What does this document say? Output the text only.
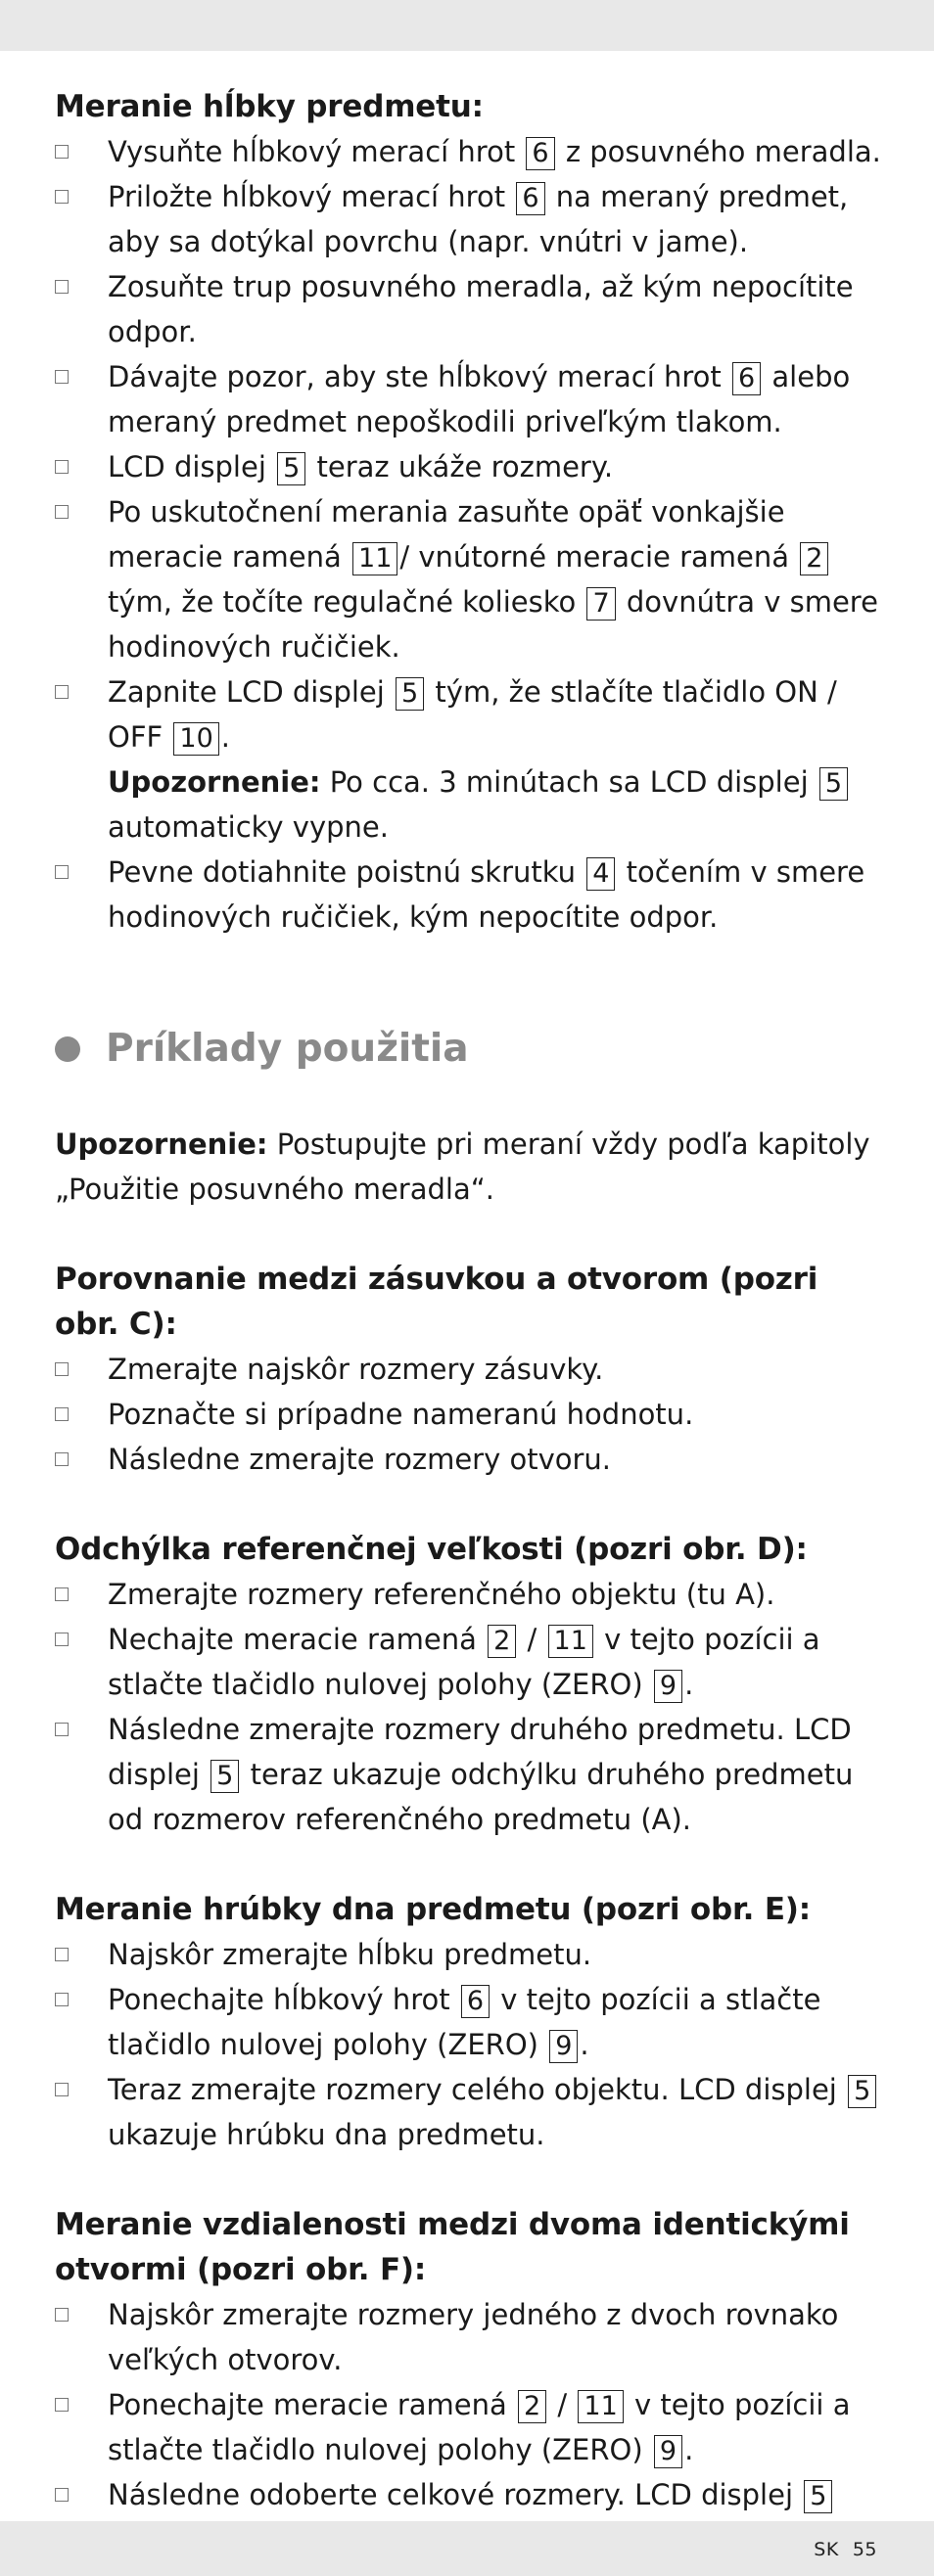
Meranie hĺbky predmetu:
Vysuňte hĺbkový merací hrot 6 z posuvného meradla.
Priložte hĺbkový merací hrot 6 na meraný predmet, aby sa dotýkal povrchu (napr. vnútri v jame).
Zosuňte trup posuvného meradla, až kým nepocítite odpor.
Dávajte pozor, aby ste hĺbkový merací hrot 6 alebo meraný predmet nepoškodili priveľkým tlakom.
LCD displej 5 teraz ukáže rozmery.
Po uskutočnení merania zasuňte opäť vonkajšie meracie ramená 11 / vnútorné meracie ramená 2 tým, že točíte regulačné koliesko 7 dovnútra v smere hodinových ručičiek.
Zapnite LCD displej 5 tým, že stlačíte tlačidlo ON / OFF 10 .
Upozornenie: Po cca. 3 minútach sa LCD displej 5 automaticky vypne.
Pevne dotiahnite poistnú skrutku 4 točením v smere hodinových ručičiek, kým nepocítite odpor.
Príklady použitia

Upozornenie: Postupujte pri meraní vždy podľa kapitoly „Použitie posuvného meradla“.

Porovnanie medzi zásuvkou a otvorom (pozri obr. C):
Zmerajte najskôr rozmery zásuvky.
Poznačte si prípadne nameranú hodnotu.
Následne zmerajte rozmery otvoru.
Odchýlka referenčnej veľkosti (pozri obr. D):
Zmerajte rozmery referenčného objektu (tu A).
Nechajte meracie ramená 2 / 11 v tejto pozícii a stlačte tlačidlo nulovej polohy (ZERO) 9 .
Následne zmerajte rozmery druhého predmetu. LCD displej 5 teraz ukazuje odchýlku druhého predmetu od rozmerov referenčného predmetu (A).
Meranie hrúbky dna predmetu (pozri obr. E):
Najskôr zmerajte hĺbku predmetu.
Ponechajte hĺbkový hrot 6 v tejto pozícii a stlačte tlačidlo nulovej polohy (ZERO) 9 .
Teraz zmerajte rozmery celého objektu. LCD displej 5 ukazuje hrúbku dna predmetu.
Meranie vzdialenosti medzi dvoma identickými otvormi (pozri obr. F):
Najskôr zmerajte rozmery jedného z dvoch rovnako veľkých otvorov.
Ponechajte meracie ramená 2 / 11 v tejto pozícii a stlačte tlačidlo nulovej polohy (ZERO) 9 .
Následne odoberte celkové rozmery. LCD displej 5
SK 55
